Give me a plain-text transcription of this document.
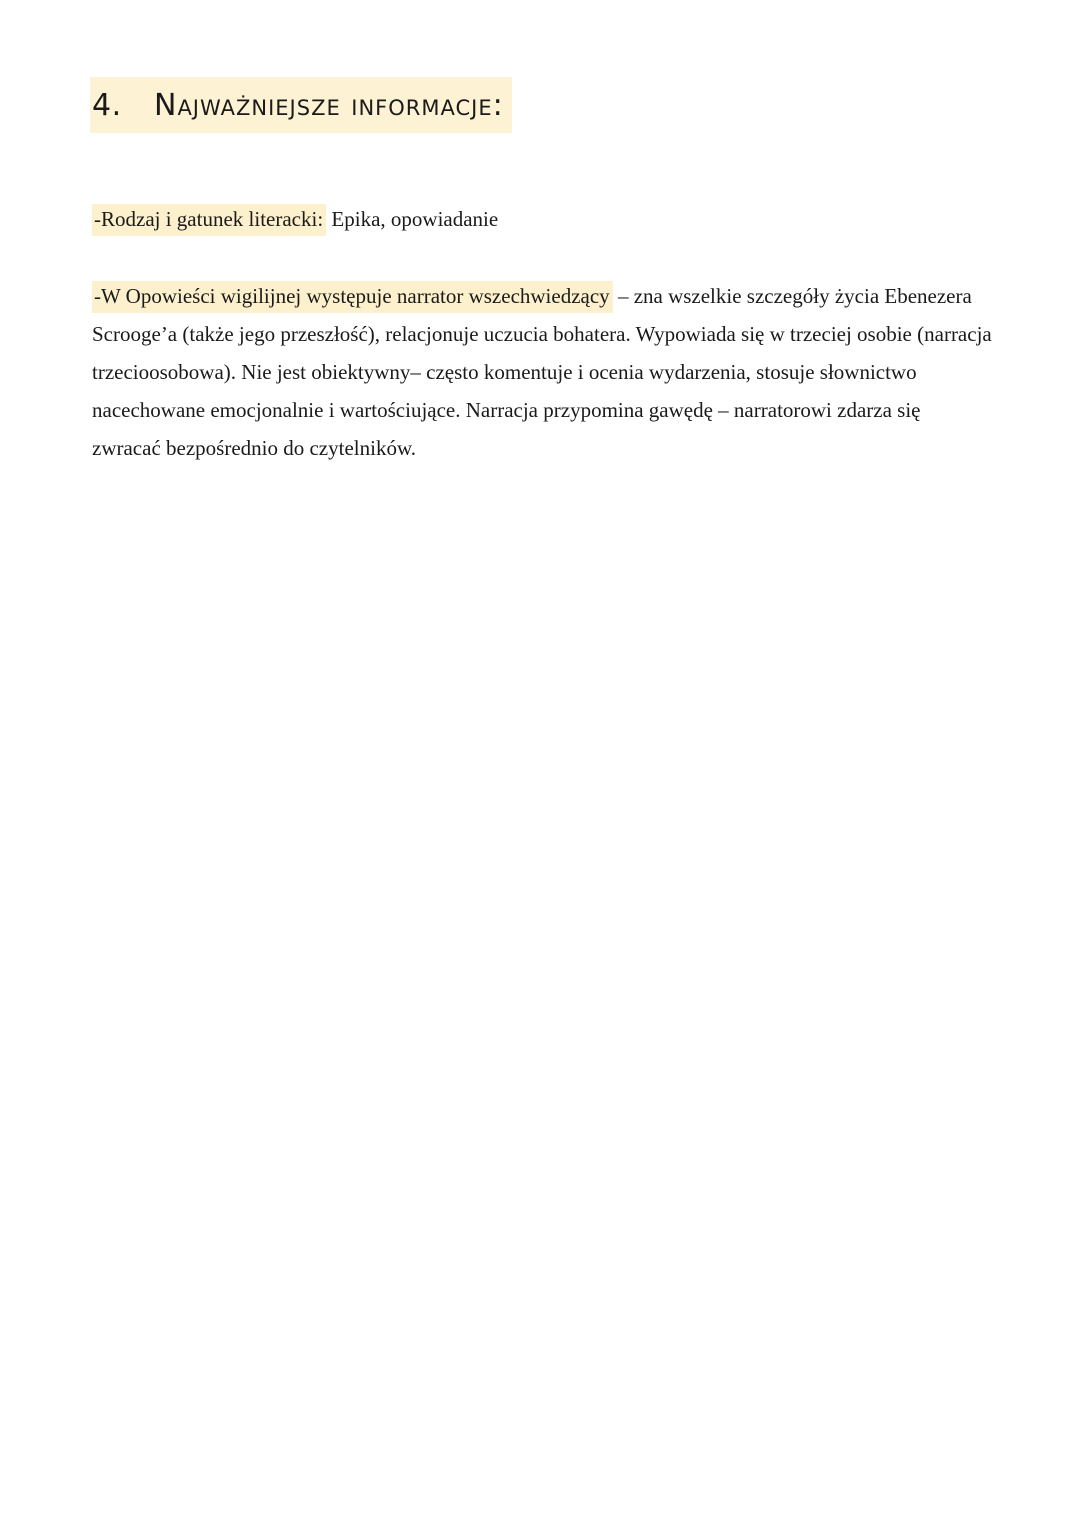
4.	Najważniejsze informacje:

-Rodzaj i gatunek literacki: Epika, opowiadanie

-W Opowieści wigilijnej występuje narrator wszechwiedzący – zna wszelkie szczegóły życia Ebenezera Scrooge’a (także jego przeszłość), relacjonuje uczucia bohatera. Wypowiada się w trzeciej osobie (narracja trzecioosobowa). Nie jest obiektywny– często komentuje i ocenia wydarzenia, stosuje słownictwo nacechowane emocjonalnie i wartościujące. Narracja przypomina gawędę – narratorowi zdarza się zwracać bezpośrednio do czytelników.
